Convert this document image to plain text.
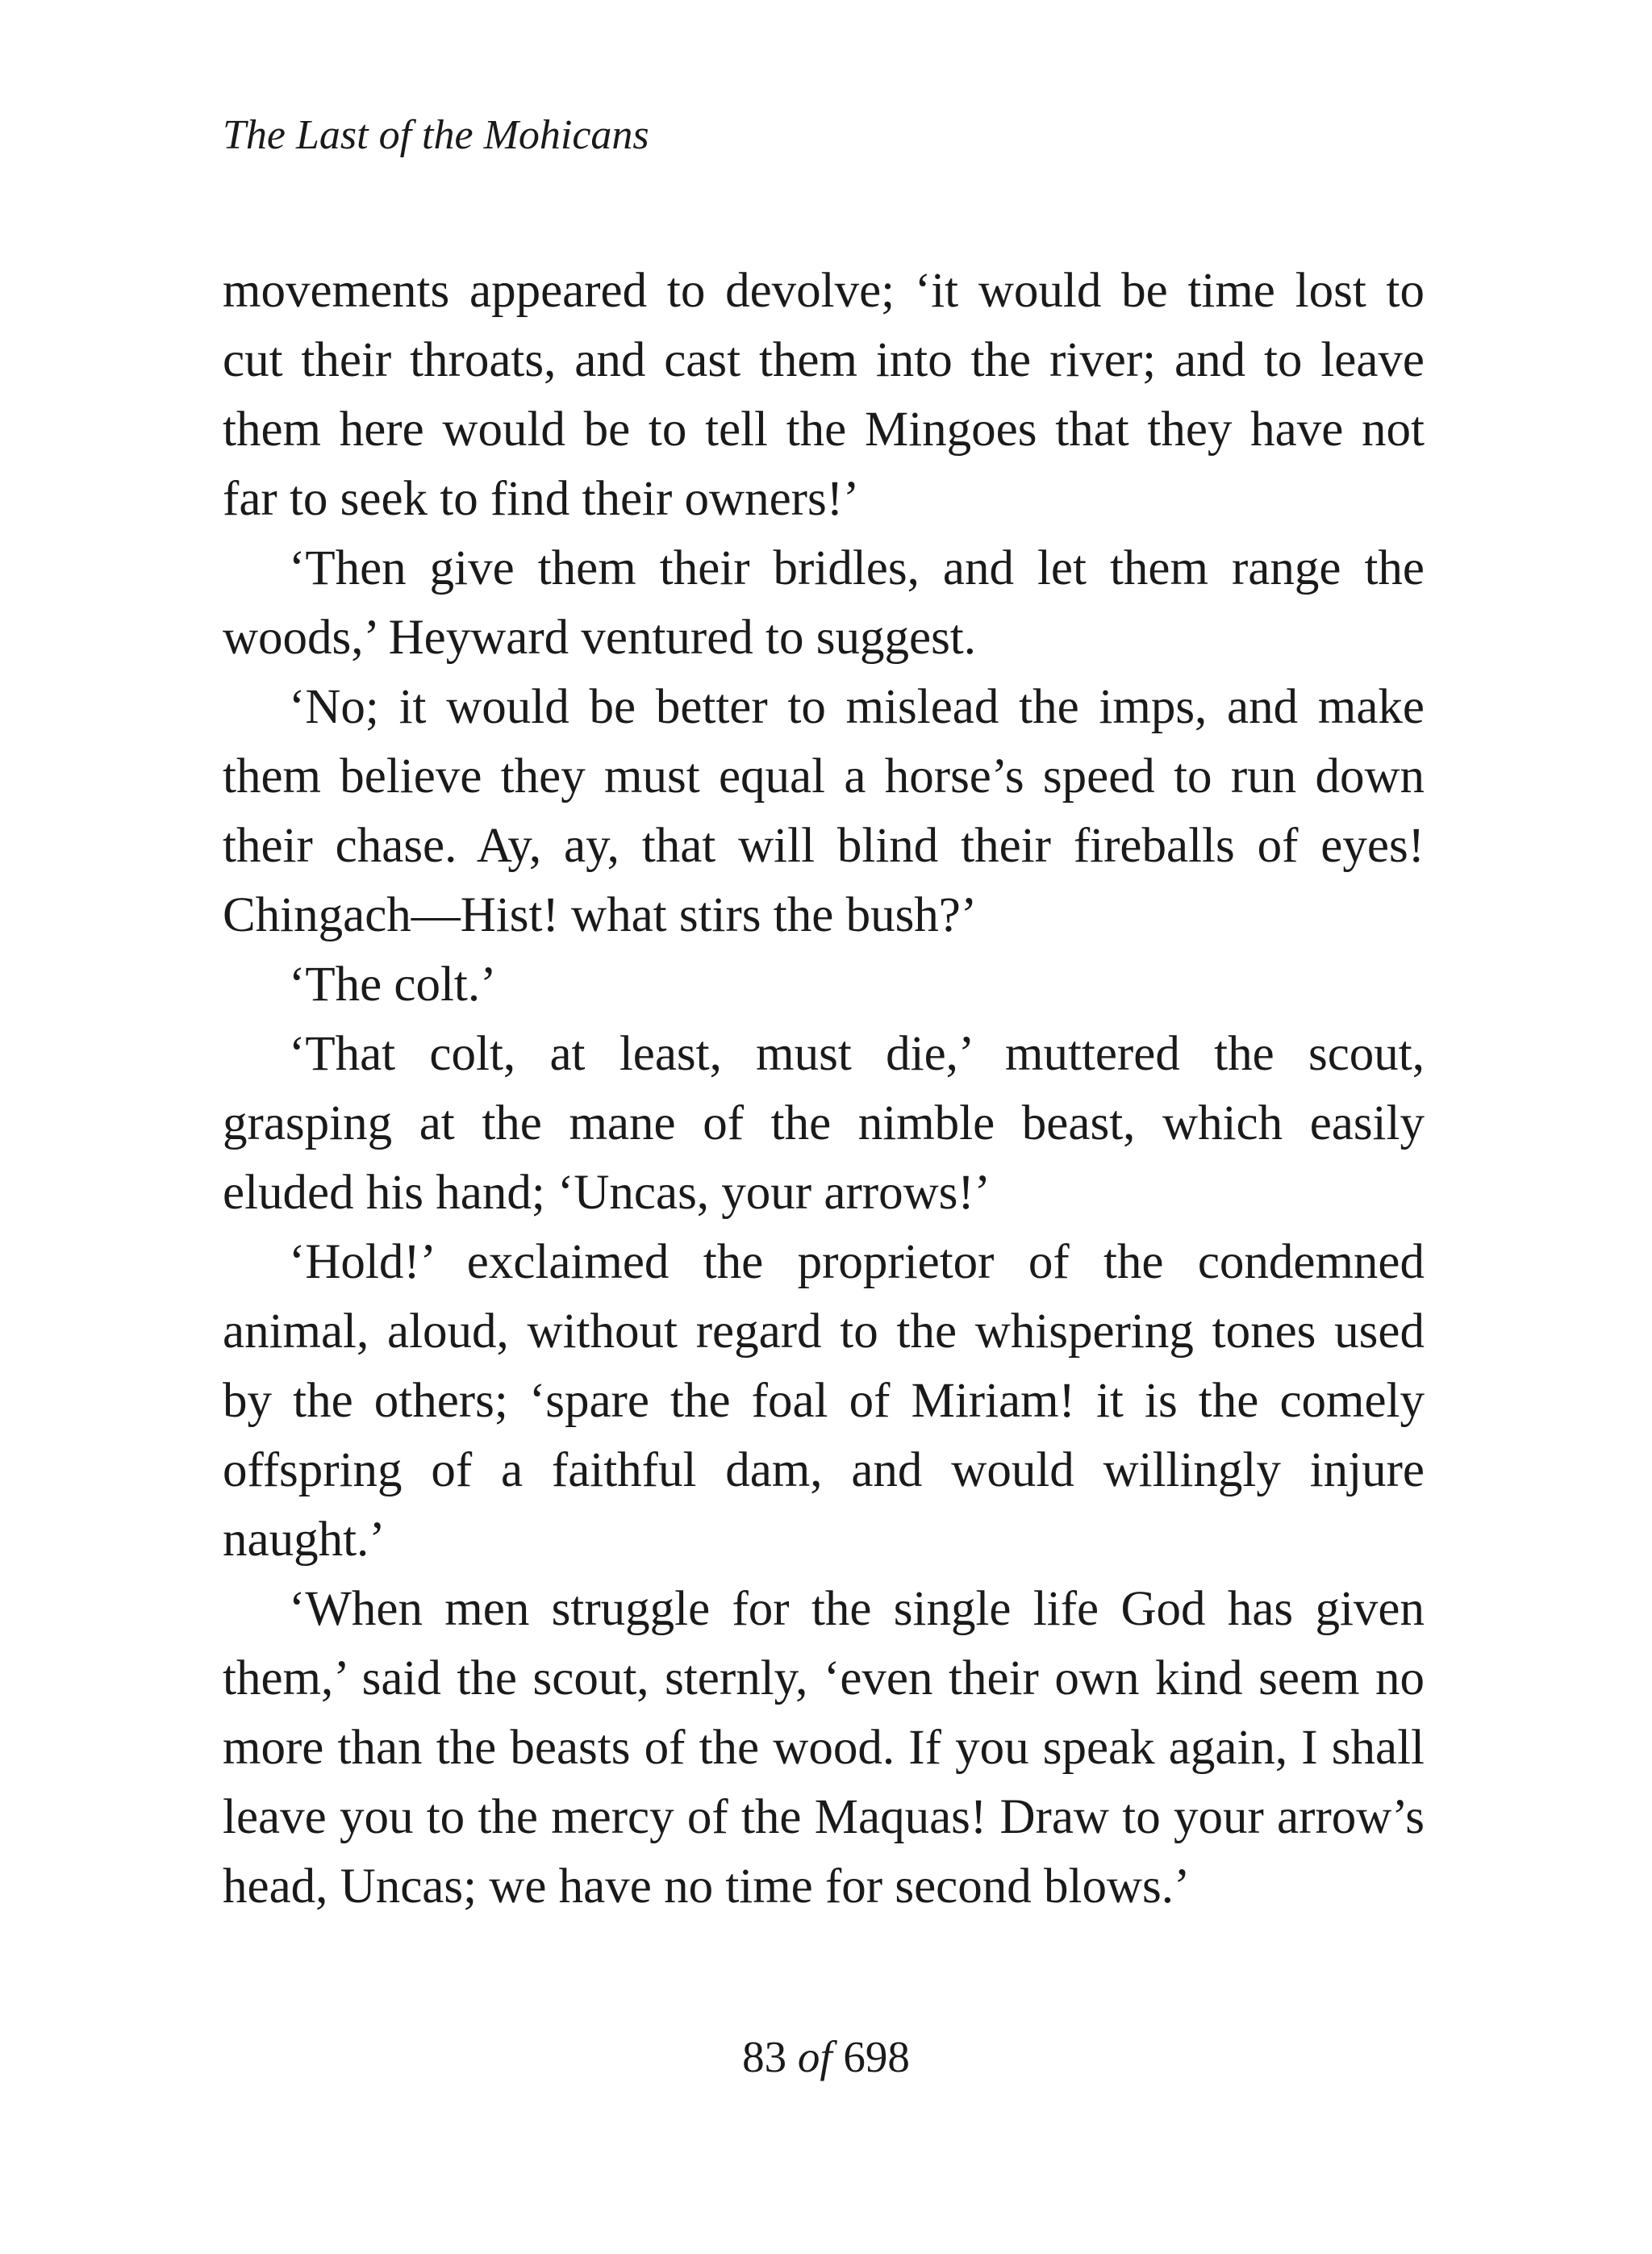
The Last of the Mohicans

movements appeared to devolve; ‘it would be time lost to cut their throats, and cast them into the river; and to leave them here would be to tell the Mingoes that they have not far to seek to find their owners!’

‘Then give them their bridles, and let them range the woods,’ Heyward ventured to suggest.

‘No; it would be better to mislead the imps, and make them believe they must equal a horse’s speed to run down their chase. Ay, ay, that will blind their fireballs of eyes! Chingach—Hist! what stirs the bush?’

‘The colt.’

‘That colt, at least, must die,’ muttered the scout, grasping at the mane of the nimble beast, which easily eluded his hand; ‘Uncas, your arrows!’

‘Hold!’ exclaimed the proprietor of the condemned animal, aloud, without regard to the whispering tones used by the others; ‘spare the foal of Miriam! it is the comely offspring of a faithful dam, and would willingly injure naught.’

‘When men struggle for the single life God has given them,’ said the scout, sternly, ‘even their own kind seem no more than the beasts of the wood. If you speak again, I shall leave you to the mercy of the Maquas! Draw to your arrow’s head, Uncas; we have no time for second blows.’

83 of 698
